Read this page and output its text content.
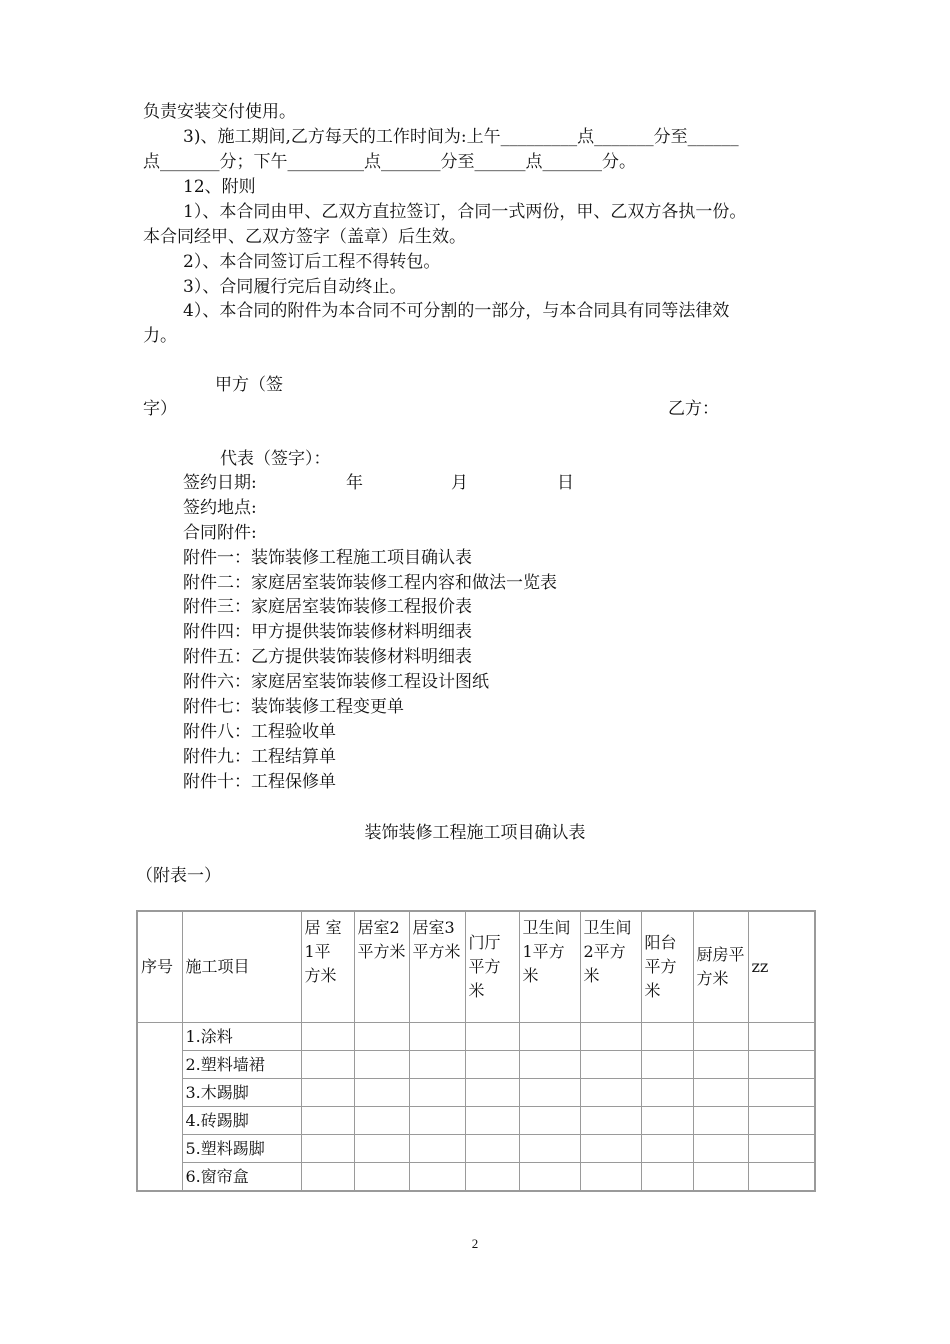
负责安装交付使用。
3)、施工期间,乙方每天的工作时间为:上午_________点_______分至______
点_______分；下午_________点_______分至______点_______分。
12、附则
1）、本合同由甲、乙双方直拉签订，合同一式两份，甲、乙双方各执一份。
本合同经甲、乙双方签字（盖章）后生效。
2）、本合同签订后工程不得转包。
3）、合同履行完后自动终止。
4）、本合同的附件为本合同不可分割的一部分，与本合同具有同等法律效
力。
甲方（签
字）	乙方：
代表（签字）：
签约日期:	年	月	日
签约地点:
合同附件:
附件一：装饰装修工程施工项目确认表
附件二：家庭居室装饰装修工程内容和做法一览表
附件三：家庭居室装饰装修工程报价表
附件四：甲方提供装饰装修材料明细表
附件五：乙方提供装饰装修材料明细表
附件六：家庭居室装饰装修工程设计图纸
附件七：装饰装修工程变更单
附件八：工程验收单
附件九：工程结算单
附件十：工程保修单
（附表一）
装饰装修工程施工项目确认表
序号	施工项目	居 室1平 方米	居室2平方米	居室3平方米	门厅平方米	卫生间1平方米	卫生间2平方米	阳台平方米	厨房平方米	zz
	1.涂料									
	2.塑料墙裙									
	3.木踢脚									
	4.砖踢脚									
	5.塑料踢脚									
	6.窗帘盒									
2
